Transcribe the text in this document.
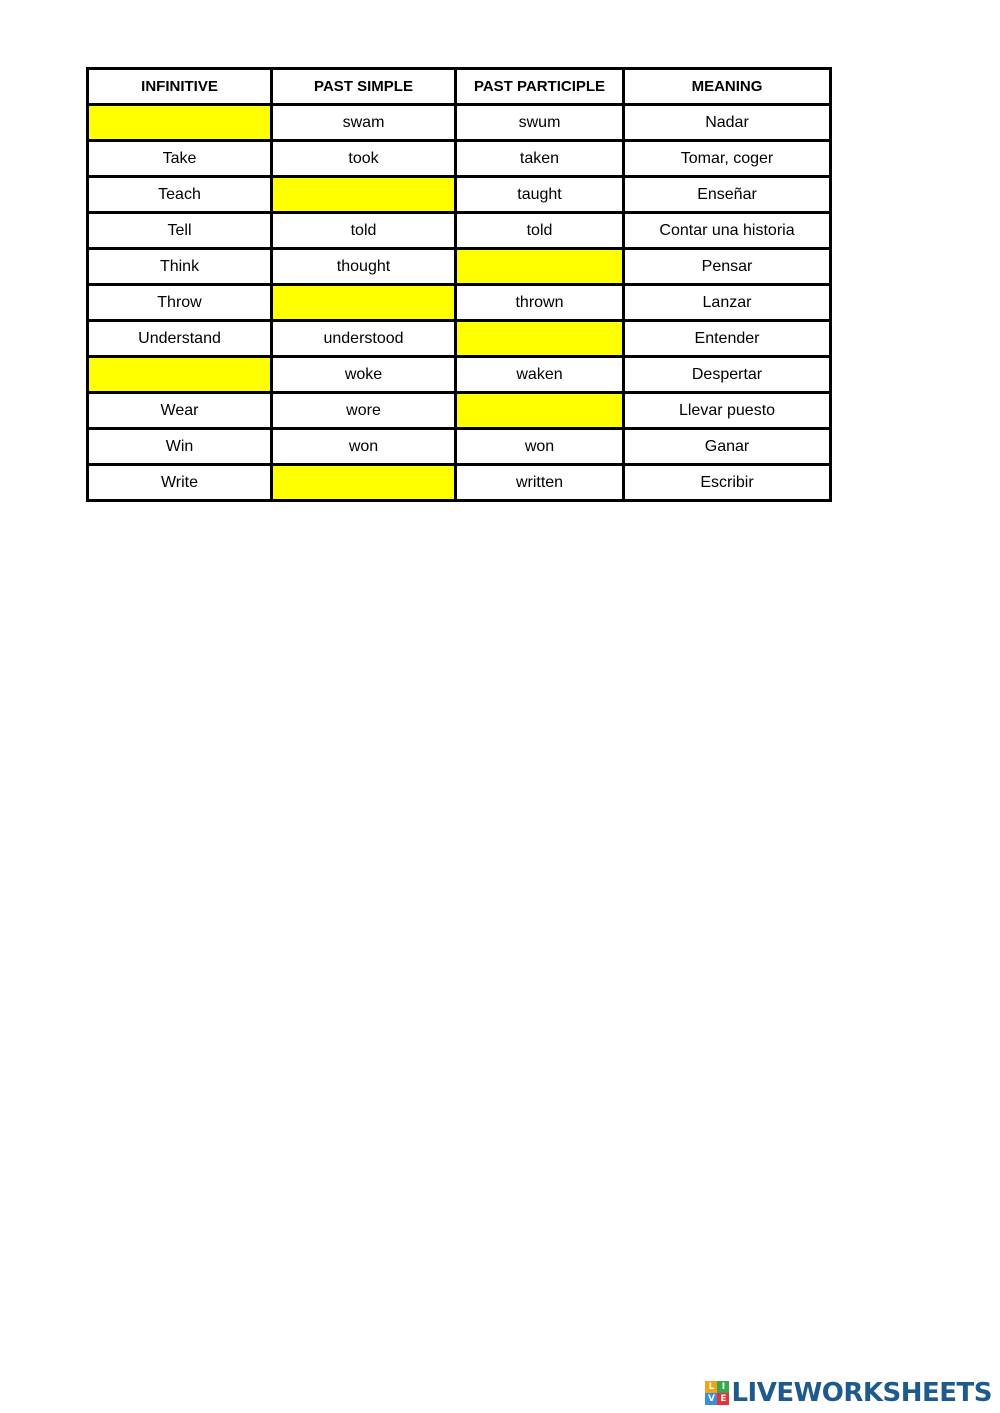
INFINITIVE	PAST SIMPLE	PAST PARTICIPLE	MEANING
	swam	swum	Nadar
Take	took	taken	Tomar, coger
Teach		taught	Enseñar
Tell	told	told	Contar una historia
Think	thought		Pensar
Throw		thrown	Lanzar
Understand	understood		Entender
	woke	waken	Despertar
Wear	wore		Llevar puesto
Win	won	won	Ganar
Write		written	Escribir
L I
V E LIVEWORKSHEETS
